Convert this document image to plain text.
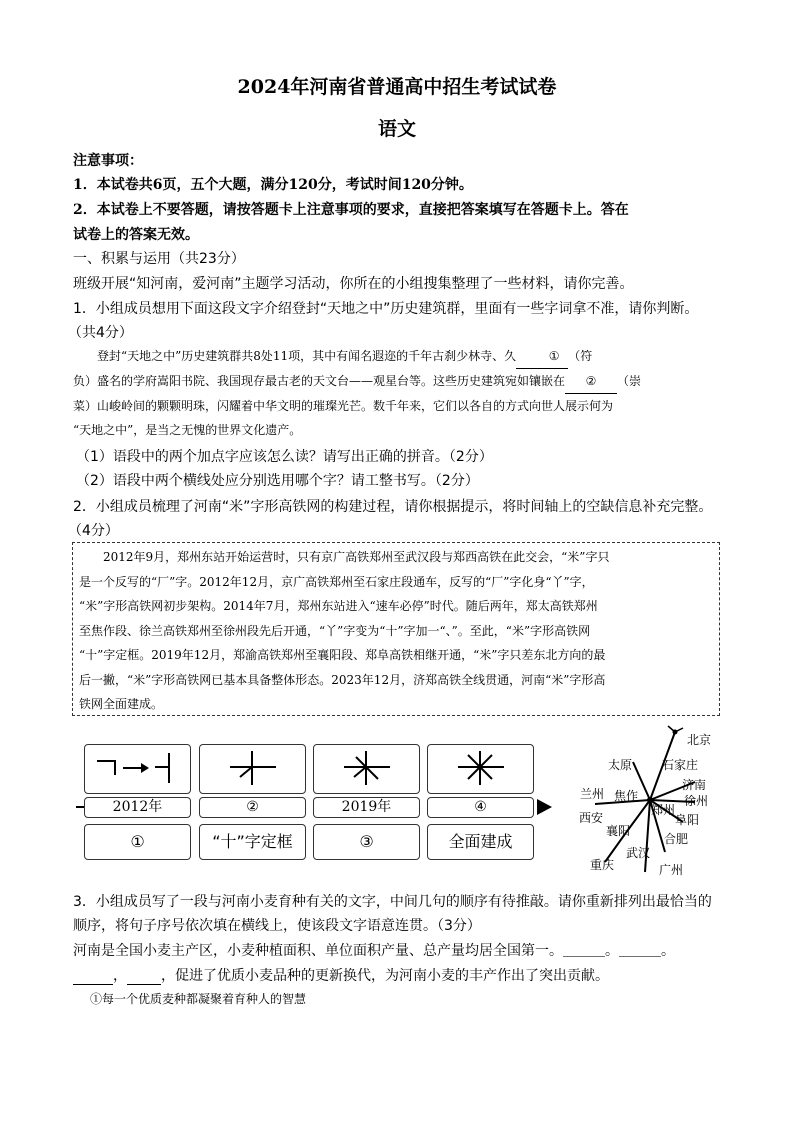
2024年河南省普通高中招生考试试卷
语文
注意事项：
1．本试卷共6页，五个大题，满分120分，考试时间120分钟。
2．本试卷上不要答题，请按答题卡上注意事项的要求，直接把答案填写在答题卡上。答在
试卷上的答案无效。
一、积累与运用（共23分）
班级开展“知河南，爱河南”主题学习活动，你所在的小组搜集整理了一些材料，请你完善。
1．小组成员想用下面这段文字介绍登封“天地之中”历史建筑群，里面有一些字词拿不准，请你判断。
（共4分）

登封“天地之中”历史建筑群共8处11项，其中有闻名遐迩的千年古刹少林寺、久	① （符

负）盛名的学府嵩阳书院、我国现存最古老的天文台——观星台等。这些历史建筑宛如镶嵌在 ② （崇
菜）山峻岭间的颗颗明珠，闪耀着中华文明的璀璨光芒。数千年来，它们以各自的方式向世人展示何为
“天地之中”，是当之无愧的世界文化遗产。
（1）语段中的两个加点字应该怎么读？请写出正确的拼音。（2分）
（2）语段中两个横线处应分别选用哪个字？请工整书写。（2分）
2．小组成员梳理了河南“米”字形高铁网的构建过程，请你根据提示，将时间轴上的空缺信息补充完整。
（4分）

2012年9月，郑州东站开始运营时，只有京广高铁郑州至武汉段与郑西高铁在此交会，“米”字只

是一个反写的“厂”字。2012年12月，京广高铁郑州至石家庄段通车，反写的“厂”字化身“丫”字，
“米”字形高铁网初步架构。2014年7月，郑州东站进入“速车必停”时代。随后两年，郑太高铁郑州
至焦作段、徐兰高铁郑州至徐州段先后开通，“丫”字变为“十”字加一“、”。至此，“米”字形高铁网
“十”字定框。2019年12月，郑渝高铁郑州至襄阳段、郑阜高铁相继开通，“米”字只差东北方向的最
后一撇，“米”字形高铁网已基本具备整体形态。2023年12月，济郑高铁全线贯通，河南“米”字形高
铁网全面建成。
2012年	②	2019年	④
①	“十”字定框	③	全面建成
北京
太原 石家庄
济南
徐州
兰州 焦作
郑州
西安	阜阳
襄阳
合肥
武汉
重庆	广州
3．小组成员写了一段与河南小麦育种有关的文字，中间几句的顺序有待推敲。请你重新排列出最恰当的
顺序，将句子序号依次填在横线上，使该段文字语意连贯。（3分）
河南是全国小麦主产区，小麦种植面积、单位面积产量、总产量均居全国第一。＿＿＿。＿＿＿。
， ，促进了优质小麦品种的更新换代，为河南小麦的丰产作出了突出贡献。
①每一个优质麦种都凝聚着育种人的智慧
